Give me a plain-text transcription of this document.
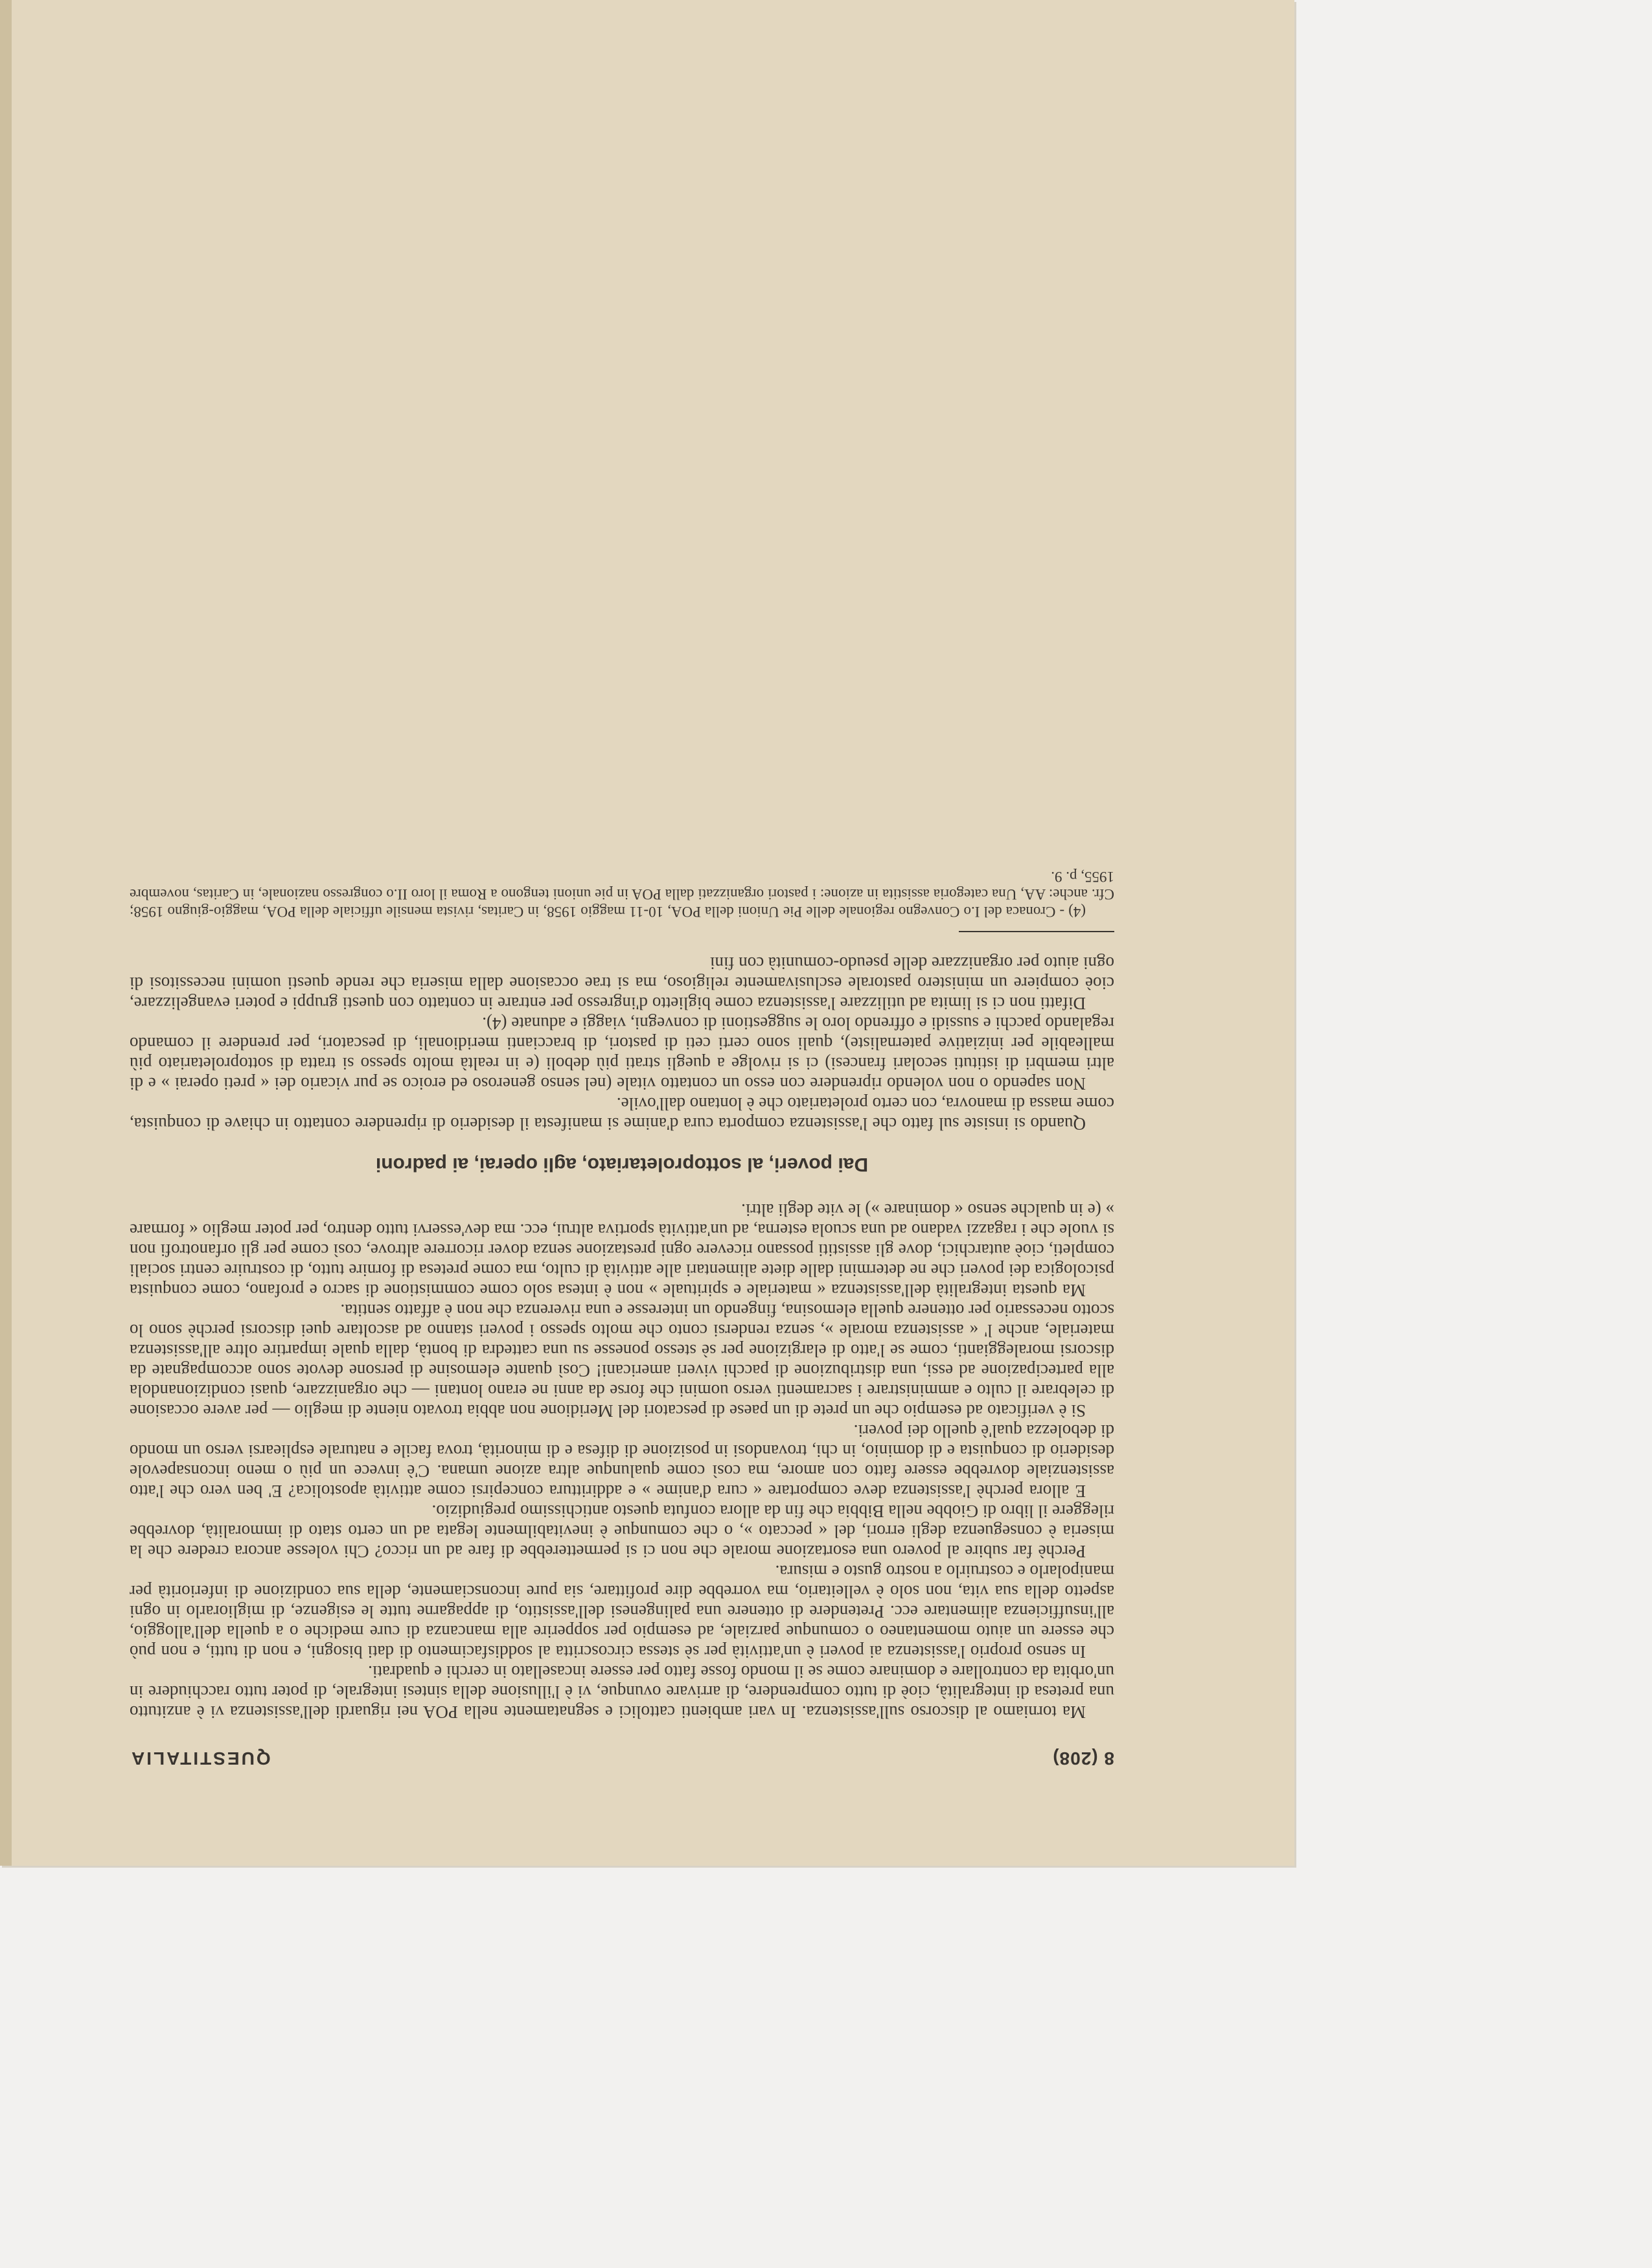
8 (208)
QUESTITALIA

Ma torniamo al discorso sull'assistenza. In vari ambienti cattolici e segnatamente nella POA nei riguardi dell'assistenza vi è anzitutto una pretesa di integralità, cioè di tutto comprendere, di arrivare ovunque, vi è l'illusione della sintesi integrale, di poter tutto racchiudere in un'orbita da controllare e dominare come se il mondo fosse fatto per essere incasellato in cerchi e quadrati.

In senso proprio l'assistenza ai poveri è un'attività per sè stessa circoscritta al soddisfacimento di dati bisogni, e non di tutti, e non può che essere un aiuto momentaneo o comunque parziale, ad esempio per sopperire alla mancanza di cure mediche o a quella dell'alloggio, all'insufficienza alimentare ecc. Pretendere di ottenere una palingenesi dell'assistito, di appagarne tutte le esigenze, di migliorarlo in ogni aspetto della sua vita, non solo è velleitario, ma vorrebbe dire profittare, sia pure inconsciamente, della sua condizione di inferiorità per manipolarlo e costruirlo a nostro gusto e misura.

Perchè far subire al povero una esortazione morale che non ci si permetterebbe di fare ad un ricco? Chi volesse ancora credere che la miseria è conseguenza degli errori, del « peccato », o che comunque è inevitabilmente legata ad un certo stato di immoralità, dovrebbe rileggere il libro di Giobbe nella Bibbia che fin da allora confuta questo antichissimo pregiudizio.

E allora perchè l'assistenza deve comportare « cura d'anime » e addirittura concepirsi come attività apostolica? E' ben vero che l'atto assistenziale dovrebbe essere fatto con amore, ma così come qualunque altra azione umana. C'è invece un più o meno inconsapevole desiderio di conquista e di dominio, in chi, trovandosi in posizione di difesa e di minorità, trova facile e naturale espliearsi verso un mondo di debolezza qual'è quello dei poveri.

Si è verificato ad esempio che un prete di un paese di pescatori del Meridione non abbia trovato niente di meglio — per avere occasione di celebrare il culto e amministrare i sacramenti verso uomini che forse da anni ne erano lontani — che organizzare, quasi condizionandola alla partecipazione ad essi, una distribuzione di pacchi viveri americani! Così quante elemosine di persone devote sono accompagnate da discorsi moraleggianti, come se l'atto di elargizione per sè stesso ponesse su una cattedra di bontà, dalla quale impartire oltre all'assistenza materiale, anche l' « assistenza morale », senza rendersi conto che molto spesso i poveri stanno ad ascoltare quei discorsi perchè sono lo scotto necessario per ottenere quella elemosina, fingendo un interesse e una riverenza che non è affatto sentita.

Ma questa integralità dell'assistenza « materiale e spirituale » non è intesa solo come commistione di sacro e profano, come conquista psicologica dei poveri che ne determini dalle diete alimentari alle attività di culto, ma come pretesa di fornire tutto, di costruire centri sociali completi, cioè autarchici, dove gli assistiti possano ricevere ogni prestazione senza dover ricorrere altrove, così come per gli orfanotrofi non si vuole che i ragazzi vadano ad una scuola esterna, ad un'attività sportiva altrui, ecc. ma dev'esservi tutto dentro, per poter meglio « formare » (e in qualche senso « dominare ») le vite degli altri.

Dai poveri, al sottoproletariato, agli operai, ai padroni

Quando si insiste sul fatto che l'assistenza comporta cura d'anime si manifesta il desiderio di riprendere contatto in chiave di conquista, come massa di manovra, con certo proletariato che è lontano dall'ovile.

Non sapendo o non volendo riprendere con esso un contatto vitale (nel senso generoso ed eroico se pur vicario dei « preti operai » e di altri membri di istituti secolari francesi) ci si rivolge a quegli strati più deboli (e in realtà molto spesso si tratta di sottoproletariato più malleabile per iniziative paternaliste), quali sono certi ceti di pastori, di braccianti meridionali, di pescatori, per prendere il comando regalando pacchi e sussidi e offrendo loro le suggestioni di convegni, viaggi e adunate (4).

Difatti non ci si limita ad utilizzare l'assistenza come biglietto d'ingresso per entrare in contatto con questi gruppi e poteri evangelizzare, cioè compiere un ministero pastorale esclusivamente religioso, ma si trae occasione dalla miseria che rende questi uomini necessitosi di ogni aiuto per organizzare delle pseudo-comunità con fini

(4) - Cronaca del I.o Convegno regionale delle Pie Unioni della POA, 10-11 maggio 1958, in Caritas, rivista mensile ufficiale della POA, maggio-giugno 1958; Cfr. anche: AA, Una categoria assistita in azione: i pastori organizzati dalla POA in pie unioni tengono a Roma il loro II.o congresso nazionale, in Caritas, novembre 1955, p. 9.
